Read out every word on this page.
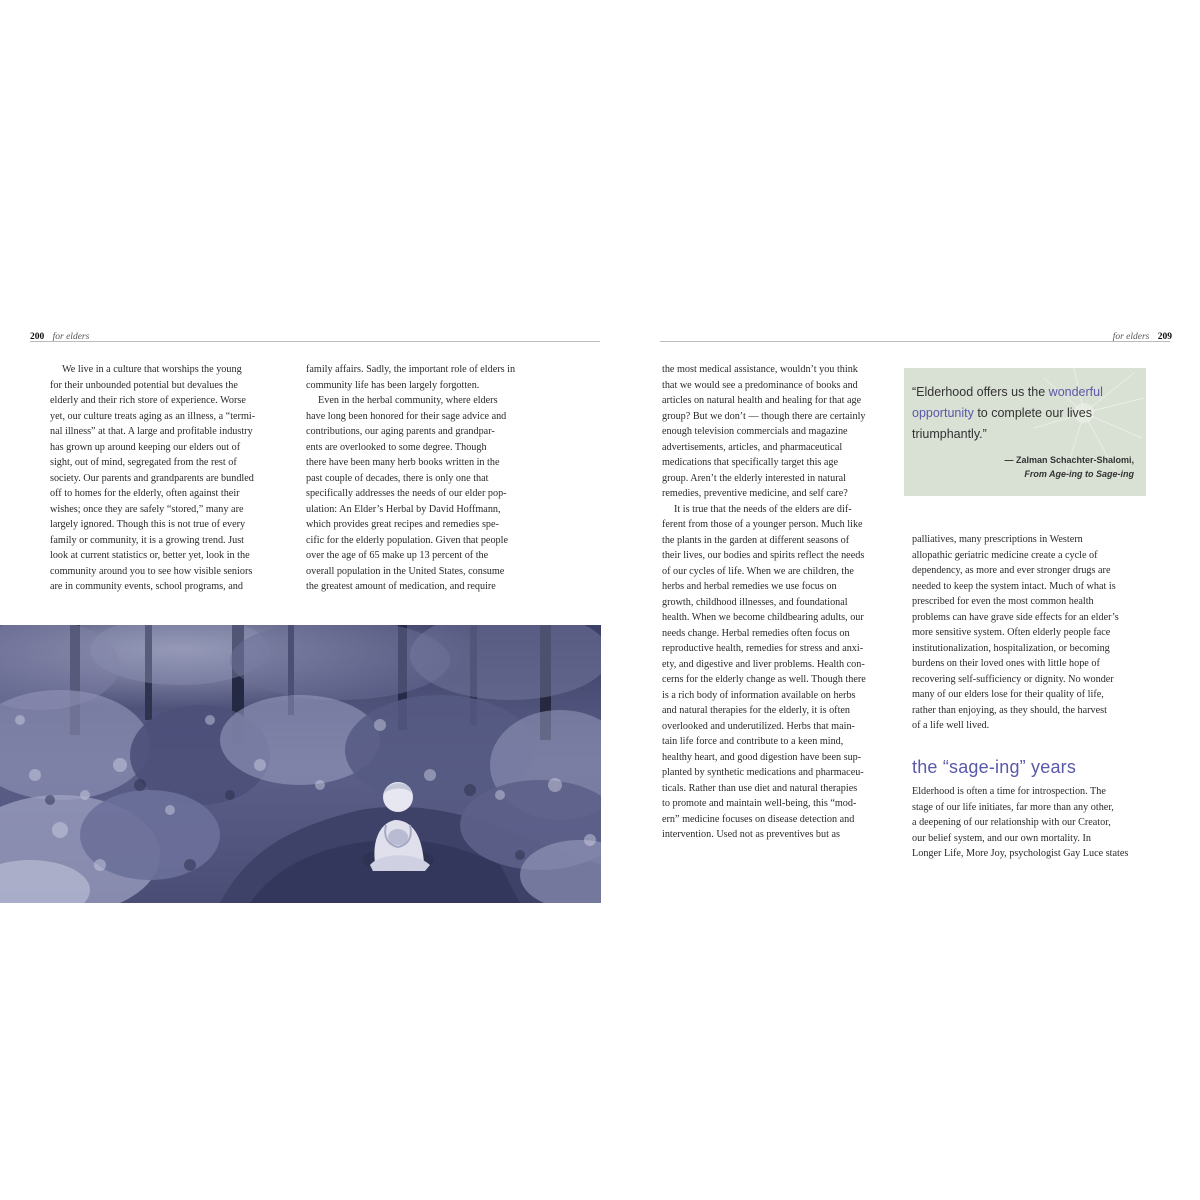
200 for elders

We live in a culture that worships the young

for their unbounded potential but devalues the

elderly and their rich store of experience. Worse

yet, our culture treats aging as an illness, a “termi-

nal illness” at that. A large and profitable industry

has grown up around keeping our elders out of

sight, out of mind, segregated from the rest of

society. Our parents and grandparents are bundled

off to homes for the elderly, often against their

wishes; once they are safely “stored,” many are

largely ignored. Though this is not true of every

family or community, it is a growing trend. Just

look at current statistics or, better yet, look in the

community around you to see how visible seniors

are in community events, school programs, and

family affairs. Sadly, the important role of elders in

community life has been largely forgotten.

Even in the herbal community, where elders

have long been honored for their sage advice and

contributions, our aging parents and grandpar-

ents are overlooked to some degree. Though

there have been many herb books written in the

past couple of decades, there is only one that

specifically addresses the needs of our elder pop-

ulation: An Elder’s Herbal by David Hoffmann,

which provides great recipes and remedies spe-

cific for the elderly population. Given that people

over the age of 65 make up 13 percent of the

overall population in the United States, consume

the greatest amount of medication, and require

for elders 209

the most medical assistance, wouldn’t you think

that we would see a predominance of books and

articles on natural health and healing for that age

group? But we don’t — though there are certainly

enough television commercials and magazine

advertisements, articles, and pharmaceutical

medications that specifically target this age

group. Aren’t the elderly interested in natural

remedies, preventive medicine, and self care?

It is true that the needs of the elders are dif-

ferent from those of a younger person. Much like

the plants in the garden at different seasons of

their lives, our bodies and spirits reflect the needs

of our cycles of life. When we are children, the

herbs and herbal remedies we use focus on

growth, childhood illnesses, and foundational

health. When we become childbearing adults, our

needs change. Herbal remedies often focus on

reproductive health, remedies for stress and anxi-

ety, and digestive and liver problems. Health con-

cerns for the elderly change as well. Though there

is a rich body of information available on herbs

and natural therapies for the elderly, it is often

overlooked and underutilized. Herbs that main-

tain life force and contribute to a keen mind,

healthy heart, and good digestion have been sup-

planted by synthetic medications and pharmaceu-

ticals. Rather than use diet and natural therapies

to promote and maintain well-being, this “mod-

ern” medicine focuses on disease detection and

intervention. Used not as preventives but as

“Elderhood offers us the wonderful

opportunity to complete our lives

triumphantly.”

— Zalman Schachter-Shalomi,

From Age-ing to Sage-ing

palliatives, many prescriptions in Western

allopathic geriatric medicine create a cycle of

dependency, as more and ever stronger drugs are

needed to keep the system intact. Much of what is

prescribed for even the most common health

problems can have grave side effects for an elder’s

more sensitive system. Often elderly people face

institutionalization, hospitalization, or becoming

burdens on their loved ones with little hope of

recovering self-sufficiency or dignity. No wonder

many of our elders lose for their quality of life,

rather than enjoying, as they should, the harvest

of a life well lived.

the “sage-ing” years

Elderhood is often a time for introspection. The

stage of our life initiates, far more than any other,

a deepening of our relationship with our Creator,

our belief system, and our own mortality. In

Longer Life, More Joy, psychologist Gay Luce states
